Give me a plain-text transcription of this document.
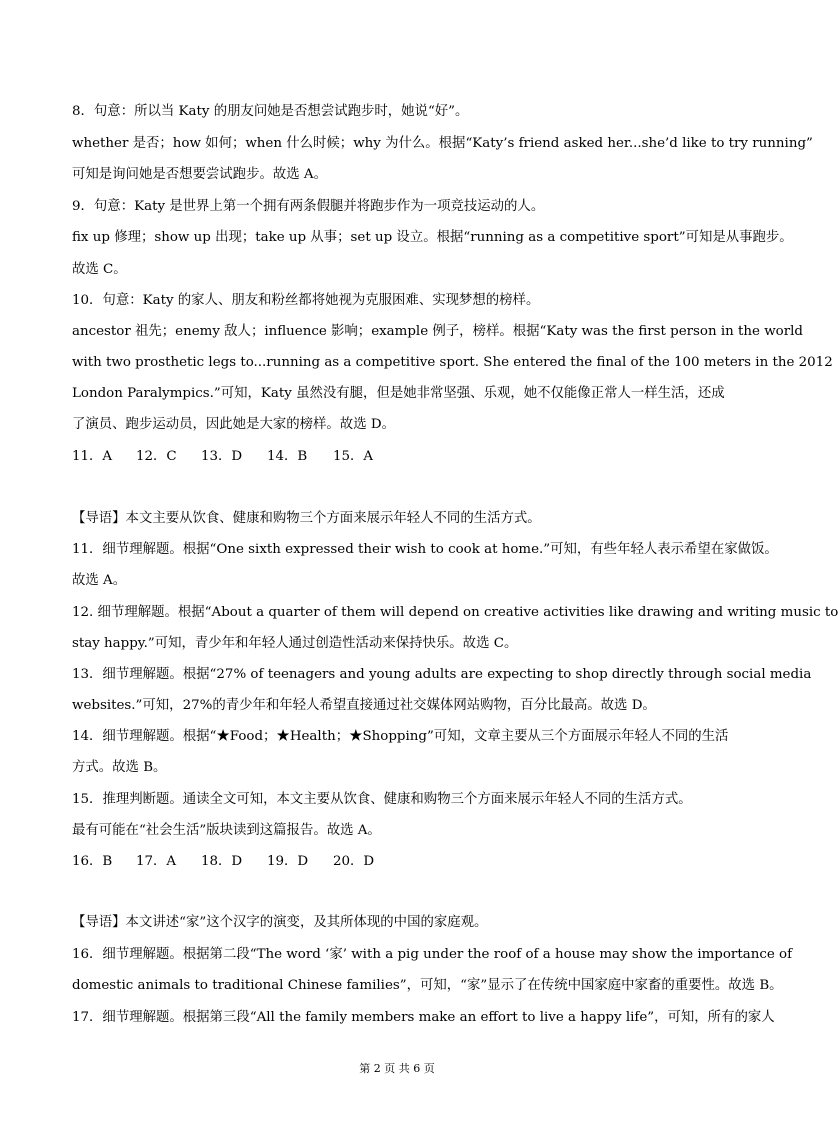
8．句意：所以当 Katy 的朋友问她是否想尝试跑步时，她说“好”。
whether 是否；how 如何；when 什么时候；why 为什么。根据“Katy’s friend asked her...she’d like to try running”
可知是询问她是否想要尝试跑步。故选 A。
9．句意：Katy 是世界上第一个拥有两条假腿并将跑步作为一项竞技运动的人。
fix up 修理；show up 出现；take up 从事；set up 设立。根据“running as a competitive sport”可知是从事跑步。
故选 C。
10．句意：Katy 的家人、朋友和粉丝都将她视为克服困难、实现梦想的榜样。
ancestor 祖先；enemy 敌人；influence 影响；example 例子，榜样。根据“Katy was the first person in the world
with two prosthetic legs to...running as a competitive sport. She entered the final of the 100 meters in the 2012
London Paralympics.”可知，Katy 虽然没有腿，但是她非常坚强、乐观，她不仅能像正常人一样生活，还成
了演员、跑步运动员，因此她是大家的榜样。故选 D。
11．A 12．C 13．D 14．B 15．A
【导语】本文主要从饮食、健康和购物三个方面来展示年轻人不同的生活方式。
11．细节理解题。根据“One sixth expressed their wish to cook at home.”可知，有些年轻人表示希望在家做饭。
故选 A。
12. 细节理解题。根据“About a quarter of them will depend on creative activities like drawing and writing music to
stay happy.”可知，青少年和年轻人通过创造性活动来保持快乐。故选 C。
13．细节理解题。根据“27% of teenagers and young adults are expecting to shop directly through social media
websites.”可知，27%的青少年和年轻人希望直接通过社交媒体网站购物，百分比最高。故选 D。
14．细节理解题。根据“★Food；★Health；★Shopping”可知，文章主要从三个方面展示年轻人不同的生活
方式。故选 B。
15．推理判断题。通读全文可知，本文主要从饮食、健康和购物三个方面来展示年轻人不同的生活方式。
最有可能在“社会生活”版块读到这篇报告。故选 A。
16．B 17．A 18．D 19．D 20．D
【导语】本文讲述“家”这个汉字的演变，及其所体现的中国的家庭观。
16．细节理解题。根据第二段“The word ‘家’ with a pig under the roof of a house may show the importance of
domestic animals to traditional Chinese families”，可知，“家”显示了在传统中国家庭中家畜的重要性。故选 B。
17．细节理解题。根据第三段“All the family members make an effort to live a happy life”，可知，所有的家人
第 2 页 共 6 页
